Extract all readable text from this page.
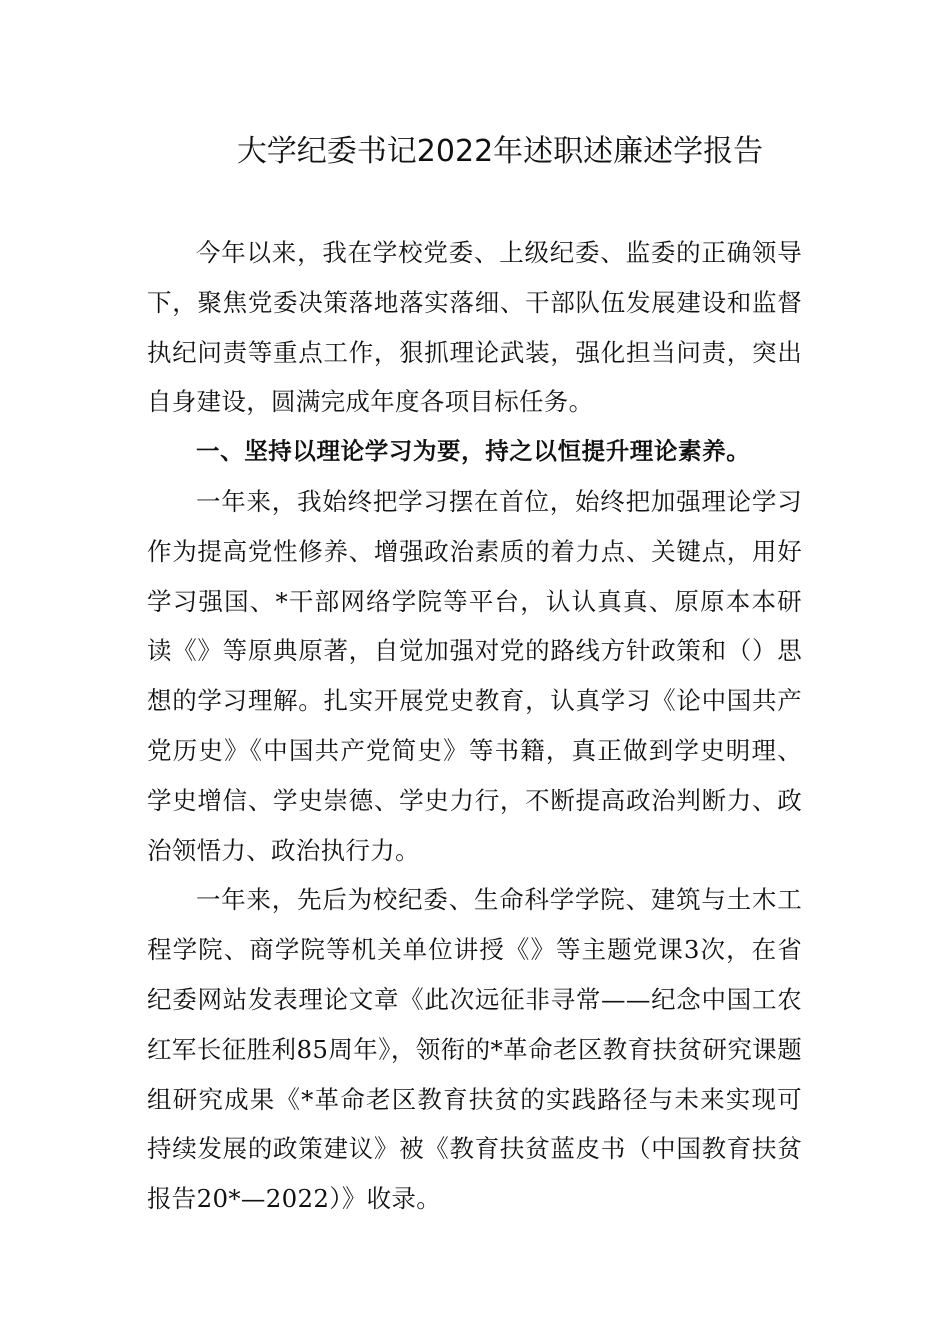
大学纪委书记2022年述职述廉述学报告

今年以来，我在学校党委、上级纪委、监委的正确领导下，聚焦党委决策落地落实落细、干部队伍发展建设和监督执纪问责等重点工作，狠抓理论武装，强化担当问责，突出自身建设，圆满完成年度各项目标任务。

一、坚持以理论学习为要，持之以恒提升理论素养。

一年来，我始终把学习摆在首位，始终把加强理论学习作为提高党性修养、增强政治素质的着力点、关键点，用好学习强国、*干部网络学院等平台，认认真真、原原本本研读《》等原典原著，自觉加强对党的路线方针政策和（）思想的学习理解。扎实开展党史教育，认真学习《论中国共产党历史》《中国共产党简史》等书籍，真正做到学史明理、学史增信、学史崇德、学史力行，不断提高政治判断力、政治领悟力、政治执行力。

一年来，先后为校纪委、生命科学学院、建筑与土木工程学院、商学院等机关单位讲授《》等主题党课3次，在省纪委网站发表理论文章《此次远征非寻常——纪念中国工农红军长征胜利85周年》，领衔的*革命老区教育扶贫研究课题组研究成果《*革命老区教育扶贫的实践路径与未来实现可持续发展的政策建议》被《教育扶贫蓝皮书（中国教育扶贫报告20*—2022）》收录。
